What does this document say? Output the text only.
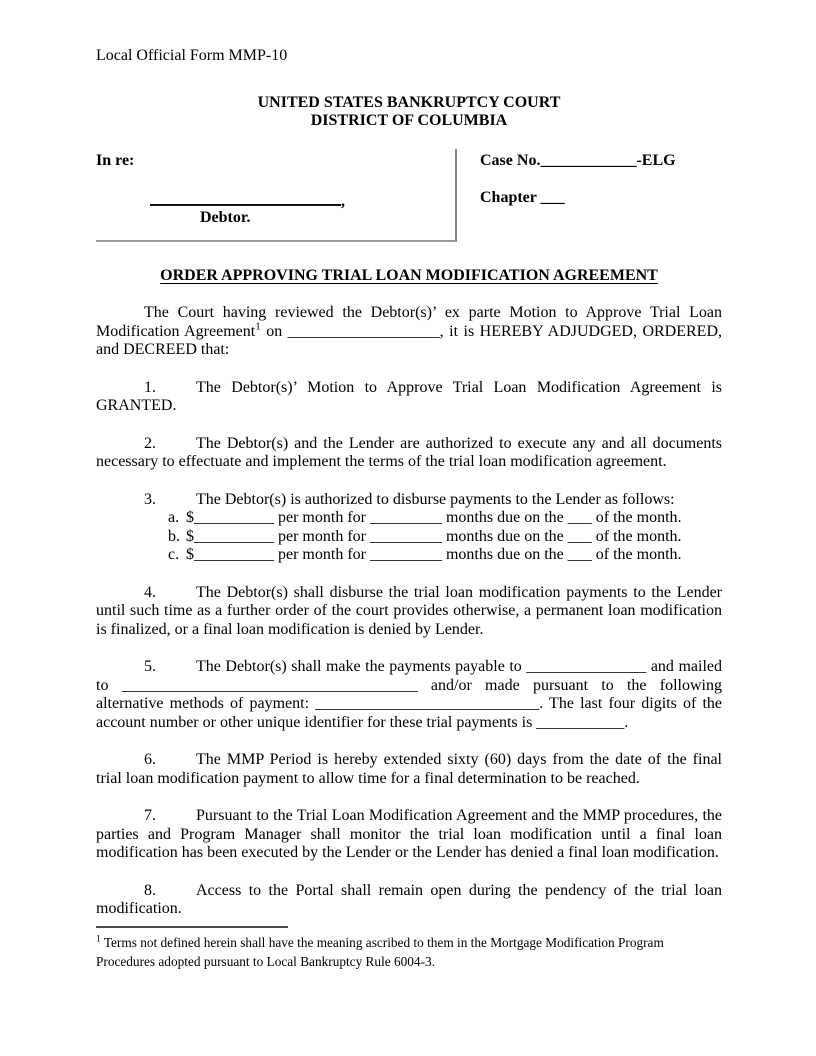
Local Official Form MMP-10
UNITED STATES BANKRUPTCY COURT
DISTRICT OF COLUMBIA
In re:
,
Debtor.
Case No.____________-ELG
Chapter ___
ORDER APPROVING TRIAL LOAN MODIFICATION AGREEMENT

The Court having reviewed the Debtor(s)’ ex parte Motion to Approve Trial Loan Modification Agreement$^1$ on ___________________, it is HEREBY ADJUDGED, ORDERED, and DECREED that:

1.	The Debtor(s)’ Motion to Approve Trial Loan Modification Agreement is GRANTED.

2.	The Debtor(s) and the Lender are authorized to execute any and all documents necessary to effectuate and implement the terms of the trial loan modification agreement.

3.	The Debtor(s) is authorized to disburse payments to the Lender as follows:

a. $__________ per month for _________ months due on the ___ of the month.
b. $__________ per month for _________ months due on the ___ of the month.
c. $__________ per month for _________ months due on the ___ of the month.

4.	The Debtor(s) shall disburse the trial loan modification payments to the Lender until such time as a further order of the court provides otherwise, a permanent loan modification is finalized, or a final loan modification is denied by Lender.

5.	The Debtor(s) shall make the payments payable to _______________ and mailed to _____________________________________ and/or made pursuant to the following alternative methods of payment: ____________________________. The last four digits of the account number or other unique identifier for these trial payments is ___________.

6.	The MMP Period is hereby extended sixty (60) days from the date of the final trial loan modification payment to allow time for a final determination to be reached.

7.	Pursuant to the Trial Loan Modification Agreement and the MMP procedures, the parties and Program Manager shall monitor the trial loan modification until a final loan modification has been executed by the Lender or the Lender has denied a final loan modification.

8.	Access to the Portal shall remain open during the pendency of the trial loan modification.

$^1$ Terms not defined herein shall have the meaning ascribed to them in the Mortgage Modification Program Procedures adopted pursuant to Local Bankruptcy Rule 6004-3.
